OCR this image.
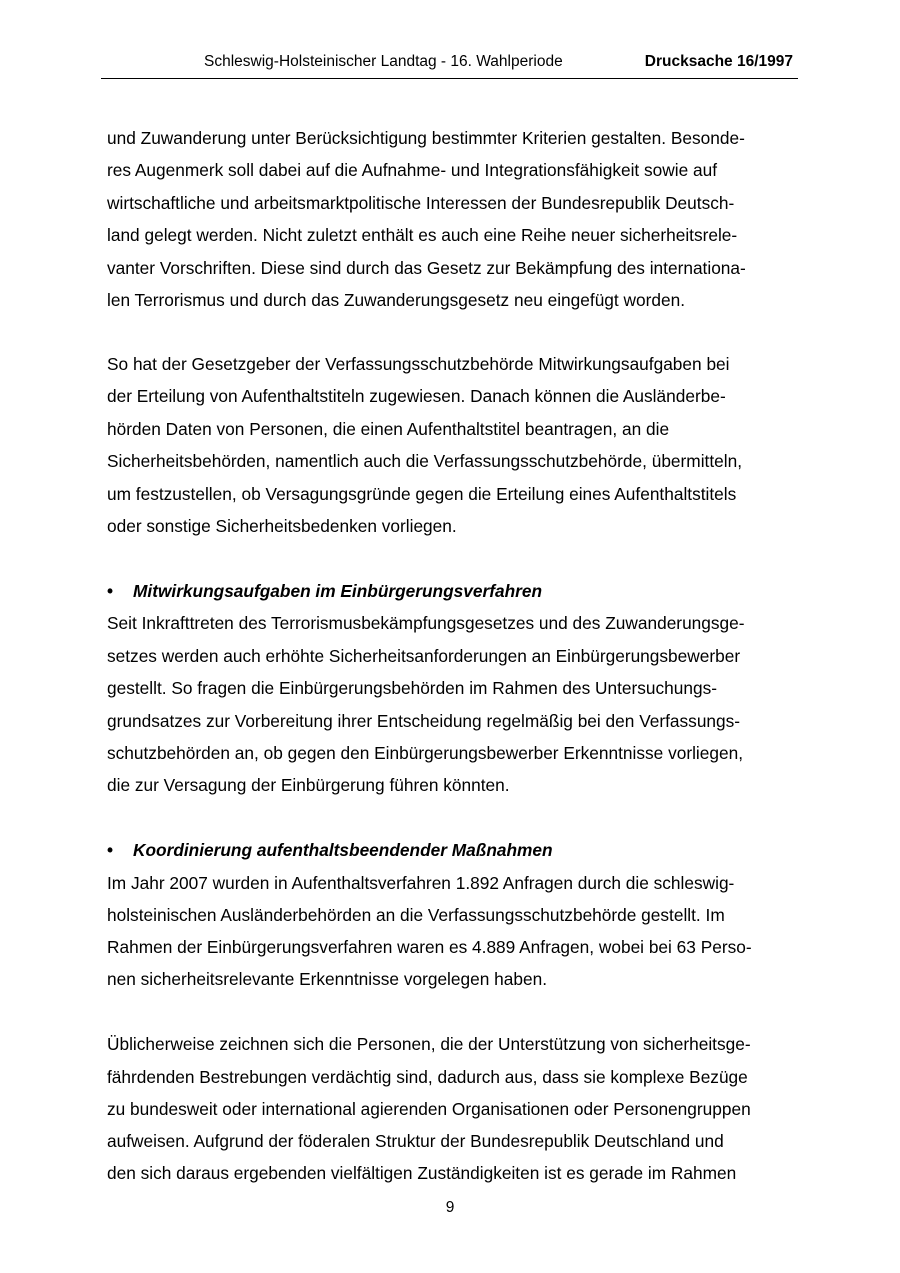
Schleswig-Holsteinischer Landtag - 16. Wahlperiode	Drucksache 16/1997
und Zuwanderung unter Berücksichtigung bestimmter Kriterien gestalten. Besonde-
res Augenmerk soll dabei auf die Aufnahme- und Integrationsfähigkeit sowie auf
wirtschaftliche und arbeitsmarktpolitische Interessen der Bundesrepublik Deutsch-
land gelegt werden. Nicht zuletzt enthält es auch eine Reihe neuer sicherheitsrele-
vanter Vorschriften. Diese sind durch das Gesetz zur Bekämpfung des internationa-
len Terrorismus und durch das Zuwanderungsgesetz neu eingefügt worden.
So hat der Gesetzgeber der Verfassungsschutzbehörde Mitwirkungsaufgaben bei
der Erteilung von Aufenthaltstiteln zugewiesen. Danach können die Ausländerbe-
hörden Daten von Personen, die einen Aufenthaltstitel beantragen, an die
Sicherheitsbehörden, namentlich auch die Verfassungsschutzbehörde, übermitteln,
um festzustellen, ob Versagungsgründe gegen die Erteilung eines Aufenthaltstitels
oder sonstige Sicherheitsbedenken vorliegen.
• Mitwirkungsaufgaben im Einbürgerungsverfahren
Seit Inkrafttreten des Terrorismusbekämpfungsgesetzes und des Zuwanderungsge-
setzes werden auch erhöhte Sicherheitsanforderungen an Einbürgerungsbewerber
gestellt. So fragen die Einbürgerungsbehörden im Rahmen des Untersuchungs-
grundsatzes zur Vorbereitung ihrer Entscheidung regelmäßig bei den Verfassungs-
schutzbehörden an, ob gegen den Einbürgerungsbewerber Erkenntnisse vorliegen,
die zur Versagung der Einbürgerung führen könnten.
• Koordinierung aufenthaltsbeendender Maßnahmen
Im Jahr 2007 wurden in Aufenthaltsverfahren 1.892 Anfragen durch die schleswig-
holsteinischen Ausländerbehörden an die Verfassungsschutzbehörde gestellt. Im
Rahmen der Einbürgerungsverfahren waren es 4.889 Anfragen, wobei bei 63 Perso-
nen sicherheitsrelevante Erkenntnisse vorgelegen haben.
Üblicherweise zeichnen sich die Personen, die der Unterstützung von sicherheitsge-
fährdenden Bestrebungen verdächtig sind, dadurch aus, dass sie komplexe Bezüge
zu bundesweit oder international agierenden Organisationen oder Personengruppen
aufweisen. Aufgrund der föderalen Struktur der Bundesrepublik Deutschland und
den sich daraus ergebenden vielfältigen Zuständigkeiten ist es gerade im Rahmen
9
